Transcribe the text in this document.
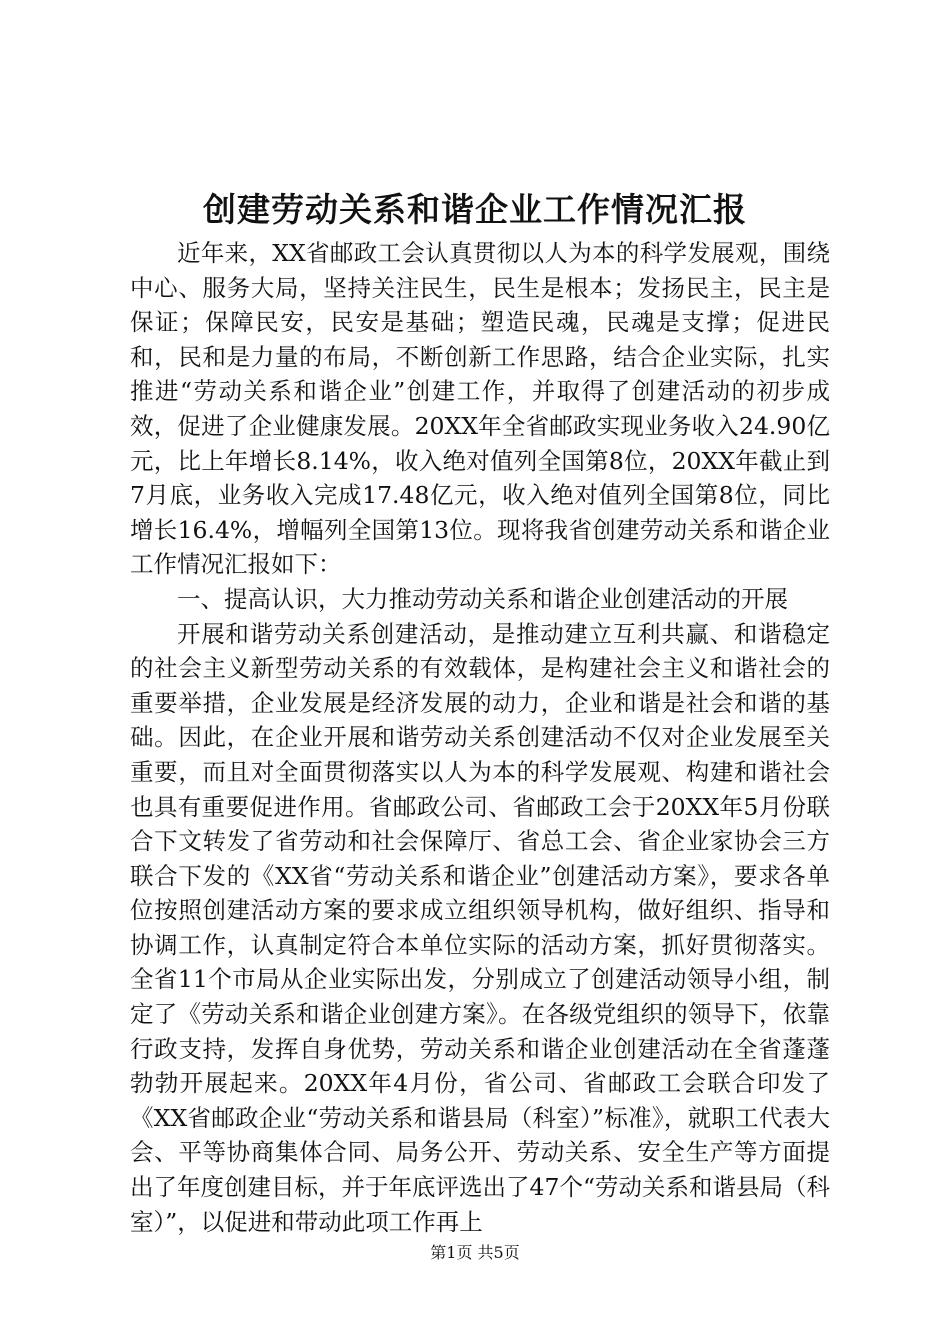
创建劳动关系和谐企业工作情况汇报

近年来，XX省邮政工会认真贯彻以人为本的科学发展观，围绕中心、服务大局，坚持关注民生，民生是根本；发扬民主，民主是保证；保障民安，民安是基础；塑造民魂，民魂是支撑；促进民和，民和是力量的布局，不断创新工作思路，结合企业实际，扎实推进“劳动关系和谐企业”创建工作，并取得了创建活动的初步成效，促进了企业健康发展。20XX年全省邮政实现业务收入24.90亿元，比上年增长8.14%，收入绝对值列全国第8位，20XX年截止到7月底，业务收入完成17.48亿元，收入绝对值列全国第8位，同比增长16.4%，增幅列全国第13位。现将我省创建劳动关系和谐企业工作情况汇报如下：

一、提高认识，大力推动劳动关系和谐企业创建活动的开展

开展和谐劳动关系创建活动，是推动建立互利共赢、和谐稳定的社会主义新型劳动关系的有效载体，是构建社会主义和谐社会的重要举措，企业发展是经济发展的动力，企业和谐是社会和谐的基础。因此，在企业开展和谐劳动关系创建活动不仅对企业发展至关重要，而且对全面贯彻落实以人为本的科学发展观、构建和谐社会也具有重要促进作用。省邮政公司、省邮政工会于20XX年5月份联合下文转发了省劳动和社会保障厅、省总工会、省企业家协会三方联合下发的《XX省“劳动关系和谐企业”创建活动方案》，要求各单位按照创建活动方案的要求成立组织领导机构，做好组织、指导和协调工作，认真制定符合本单位实际的活动方案，抓好贯彻落实。全省11个市局从企业实际出发，分别成立了创建活动领导小组，制定了《劳动关系和谐企业创建方案》。在各级党组织的领导下，依靠行政支持，发挥自身优势，劳动关系和谐企业创建活动在全省蓬蓬勃勃开展起来。20XX年4月份，省公司、省邮政工会联合印发了《XX省邮政企业“劳动关系和谐县局（科室）”标准》，就职工代表大会、平等协商集体合同、局务公开、劳动关系、安全生产等方面提出了年度创建目标，并于年底评选出了47个“劳动关系和谐县局（科室）”，以促进和带动此项工作再上

第1页 共5页
